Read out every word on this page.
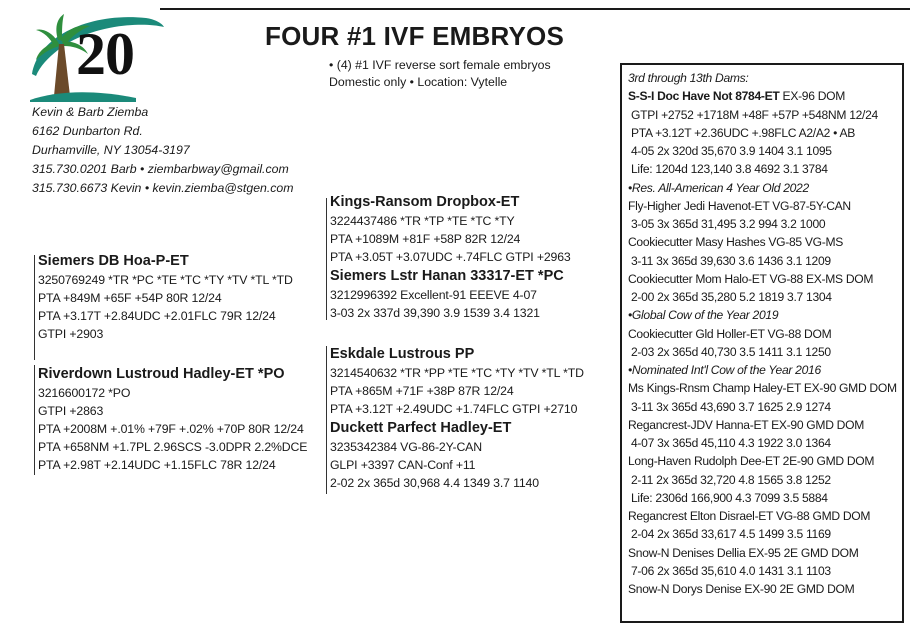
20
Kevin & Barb Ziemba
6162 Dunbarton Rd.
Durhamville, NY 13054-3197
315.730.0201 Barb • ziembarbway@gmail.com
315.730.6673 Kevin • kevin.ziemba@stgen.com
FOUR #1 IVF EMBRYOS
• (4) #1 IVF reverse sort female embryos
Domestic only • Location: Vytelle
Siemers DB Hoa-P-ET
3250769249 *TR *PC *TE *TC *TY *TV *TL *TD
PTA +849M +65F +54P 80R 12/24
PTA +3.17T +2.84UDC +2.01FLC 79R 12/24
GTPI +2903
Riverdown Lustroud Hadley-ET *PO
3216600172 *PO
GTPI +2863
PTA +2008M +.01% +79F +.02% +70P 80R 12/24
PTA +658NM +1.7PL 2.96SCS -3.0DPR 2.2%DCE
PTA +2.98T +2.14UDC +1.15FLC 78R 12/24
Kings-Ransom Dropbox-ET
3224437486 *TR *TP *TE *TC *TY
PTA +1089M +81F +58P 82R 12/24
PTA +3.05T +3.07UDC +.74FLC GTPI +2963
Siemers Lstr Hanan 33317-ET *PC
3212996392 Excellent-91 EEEVE 4-07
3-03 2x 337d 39,390 3.9 1539 3.4 1321
Eskdale Lustrous PP
3214540632 *TR *PP *TE *TC *TY *TV *TL *TD
PTA +865M +71F +38P 87R 12/24
PTA +3.12T +2.49UDC +1.74FLC GTPI +2710
Duckett Parfect Hadley-ET
3235342384 VG-86-2Y-CAN
GLPI +3397 CAN-Conf +11
2-02 2x 365d 30,968 4.4 1349 3.7 1140
3rd through 13th Dams:
S-S-I Doc Have Not 8784-ET EX-96 DOM
GTPI +2752 +1718M +48F +57P +548NM 12/24
PTA +3.12T +2.36UDC +.98FLC A2/A2 • AB
4-05 2x 320d 35,670 3.9 1404 3.1 1095
Life: 1204d 123,140 3.8 4692 3.1 3784
•Res. All-American 4 Year Old 2022
Fly-Higher Jedi Havenot-ET VG-87-5Y-CAN
3-05 3x 365d 31,495 3.2 994 3.2 1000
Cookiecutter Masy Hashes VG-85 VG-MS
3-11 3x 365d 39,630 3.6 1436 3.1 1209
Cookiecutter Mom Halo-ET VG-88 EX-MS DOM
2-00 2x 365d 35,280 5.2 1819 3.7 1304
•Global Cow of the Year 2019
Cookiecutter Gld Holler-ET VG-88 DOM
2-03 2x 365d 40,730 3.5 1411 3.1 1250
•Nominated Int'l Cow of the Year 2016
Ms Kings-Rnsm Champ Haley-ET EX-90 GMD DOM
3-11 3x 365d 43,690 3.7 1625 2.9 1274
Regancrest-JDV Hanna-ET EX-90 GMD DOM
4-07 3x 365d 45,110 4.3 1922 3.0 1364
Long-Haven Rudolph Dee-ET 2E-90 GMD DOM
2-11 2x 365d 32,720 4.8 1565 3.8 1252
Life: 2306d 166,900 4.3 7099 3.5 5884
Regancrest Elton Disrael-ET VG-88 GMD DOM
2-04 2x 365d 33,617 4.5 1499 3.5 1169
Snow-N Denises Dellia EX-95 2E GMD DOM
7-06 2x 365d 35,610 4.0 1431 3.1 1103
Snow-N Dorys Denise EX-90 2E GMD DOM
